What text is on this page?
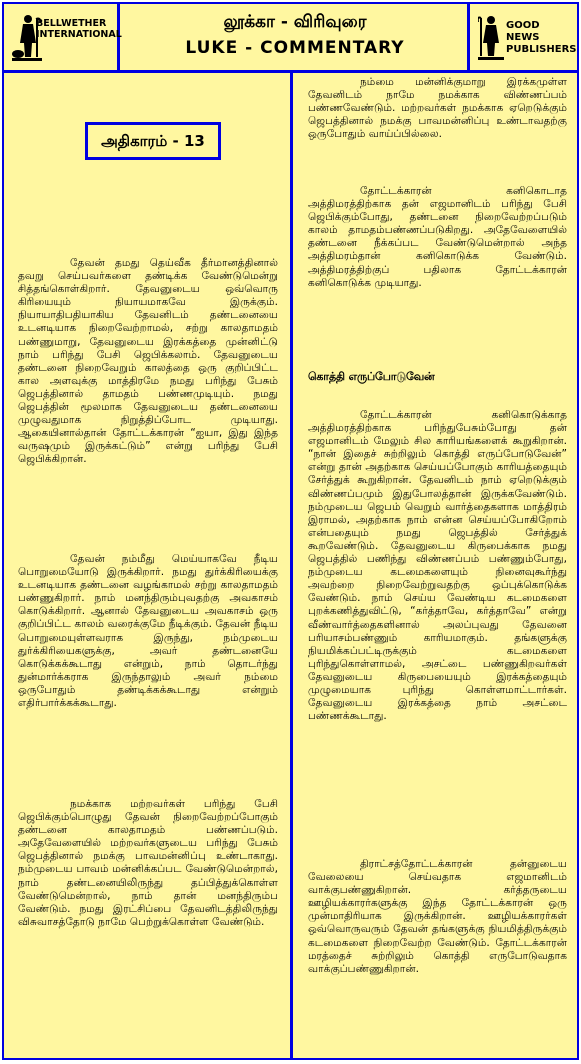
BELLWETHER INTERNATIONAL
லூக்கா - விரிவுரை
LUKE - COMMENTARY
GOOD NEWS PUBLISHERS
அதிகாரம் - 13

தேவன் தமது தெய்வீக தீர்மானத்தினால் தவறு செய்பவர்களை தண்டிக்க வேண்டுமென்று சித்தங்கொள்கிறார். தேவனுடைய ஒவ்வொரு கிரியையும் நியாயமாகவே இருக்கும். நியாயாதிபதியாகிய தேவனிடம் தண்டனையை உடனடியாக நிறைவேற்றாமல், சற்று காலதாமதம் பண்ணுமாறு, தேவனுடைய இரக்கத்தை முன்னிட்டு நாம் பரிந்து பேசி ஜெபிக்கலாம். தேவனுடைய தண்டனை நிறைவேறும் காலத்தை ஒரு குறிப்பிட்ட கால அளவுக்கு மாத்திரமே நமது பரிந்து பேசும் ஜெபத்தினால் தாமதம் பண்ணமுடியும். நமது ஜெபத்தின் மூலமாக தேவனுடைய தண்டனையை முழுவதுமாக நிறுத்திப்போட முடியாது. ஆகையினால்தான் தோட்டக்காரன் “ஐயா, இது இந்த வருஷமும் இருக்கட்டும்” என்று பரிந்து பேசி ஜெபிக்கிறான்.

தேவன் நம்மீது மெய்யாகவே நீடிய பொறுமையோடு இருக்கிறார். நமது துர்க்கிரியைக்கு உடனடியாக தண்டனை வழங்காமல் சற்று காலதாமதம் பண்ணுகிறார். நாம் மனந்திரும்புவதற்கு அவகாசம் கொடுக்கிறார். ஆனால் தேவனுடைய அவகாசம் ஒரு குறிப்பிட்ட காலம் வரைக்குமே நீடிக்கும். தேவன் நீடிய பொறுமையுள்ளவராக இருந்து, நம்முடைய துர்க்கிரியைகளுக்கு, அவர் தண்டனையே கொடுக்கக்கூடாது என்றும், நாம் தொடர்ந்து துன்மார்க்கராக இருந்தாலும் அவர் நம்மை ஒருபோதும் தண்டிக்கக்கூடாது என்றும் எதிர்பார்க்கக்கூடாது.

நமக்காக மற்றவர்கள் பரிந்து பேசி ஜெபிக்கும்பொழுது தேவன் நிறைவேற்றப்போகும் தண்டனை காலதாமதம் பண்ணப்படும். அதேவேளையில் மற்றவர்களுடைய பரிந்து பேசும் ஜெபத்தினால் நமக்கு பாவமன்னிப்பு உண்டாகாது. நம்முடைய பாவம் மன்னிக்கப்பட வேண்டுமென்றால், நாம் தண்டனையிலிருந்து தப்பித்துக்கொள்ள வேண்டுமென்றால், நாம் தான் மனந்திரும்ப வேண்டும். நமது இரட்சிப்பை தேவனிடத்திலிருந்து விசுவாசத்தோடு நாமே பெற்றுக்கொள்ள வேண்டும்.

நம்மை மன்னிக்குமாறு இரக்கமுள்ள தேவனிடம் நாமே நமக்காக விண்ணப்பம் பண்ணவேண்டும். மற்றவர்கள் நமக்காக ஏறெடுக்கும் ஜெபத்தினால் நமக்கு பாவமன்னிப்பு உண்டாவதற்கு ஒருபோதும் வாய்ப்பில்லை.

தோட்டக்காரன் கனிகொடாத அத்திமரத்திற்காக தன் எஜமானிடம் பரிந்து பேசி ஜெபிக்கும்போது, தண்டனை நிறைவேற்றப்படும் காலம் தாமதம்பண்ணப்படுகிறது. அதேவேளையில் தண்டனை நீக்கப்பட வேண்டுமென்றால் அந்த அத்திமரம்தான் கனிகொடுக்க வேண்டும். அத்திமரத்திற்குப் பதிலாக தோட்டக்காரன் கனிகொடுக்க முடியாது.

கொத்தி எருப்போடுவேன்

தோட்டக்காரன் கனிகொடுக்காத அத்திமரத்திற்காக பரிந்துபேசும்போது தன் எஜமானிடம் மேலும் சில காரியங்களைக் கூறுகிறான். “நான் இதைச் சுற்றிலும் கொத்தி எருப்போடுவேன்” என்று தான் அதற்காக செய்யப்போகும் காரியத்தையும் சேர்த்துக் கூறுகிறான். தேவனிடம் நாம் ஏறெடுக்கும் விண்ணப்பமும் இதுபோலத்தான் இருக்கவேண்டும். நம்முடைய ஜெபம் வெறும் வார்த்தைகளாக மாத்திரம் இராமல், அதற்காக நாம் என்ன செய்யப்போகிறோம் என்பதையும் நமது ஜெபத்தில் சேர்த்துக் கூறவேண்டும். தேவனுடைய கிருபைக்காக நமது ஜெபத்தில் பணிந்து விண்ணப்பம் பண்ணும்போது, நம்முடைய கடமைகளையும் நினைவுகூர்ந்து அவற்றை நிறைவேற்றுவதற்கு ஒப்புக்கொடுக்க வேண்டும். நாம் செய்ய வேண்டிய கடமைகளை புறக்கணித்துவிட்டு, “கர்த்தாவே, கர்த்தாவே” என்று வீண்வார்த்தைகளினால் அலப்புவது தேவனை பரியாசம்பண்ணும் காரியமாகும். தங்களுக்கு நியமிக்கப்பட்டிருக்கும் கடமைகளை புரிந்துகொள்ளாமல், அசட்டை பண்ணுகிறவர்கள் தேவனுடைய கிருபையையும் இரக்கத்தையும் முழுமையாக புரிந்து கொள்ளமாட்டார்கள். தேவனுடைய இரக்கத்தை நாம் அசட்டை பண்ணக்கூடாது.

திராட்சத்தோட்டக்காரன் தன்னுடைய வேலையை செய்வதாக எஜமானிடம் வாக்குபண்ணுகிறான். கர்த்தருடைய ஊழியக்காரர்களுக்கு இந்த தோட்டக்காரன் ஒரு முன்மாதிரியாக இருக்கிறான். ஊழியக்காரர்கள் ஒவ்வொருவரும் தேவன் தங்களுக்கு நியமித்திருக்கும் கடமைகளை நிறைவேற்ற வேண்டும். தோட்டக்காரன் மரத்தைச் சுற்றிலும் கொத்தி எருபோடுவதாக வாக்குப்பண்ணுகிறான்.
